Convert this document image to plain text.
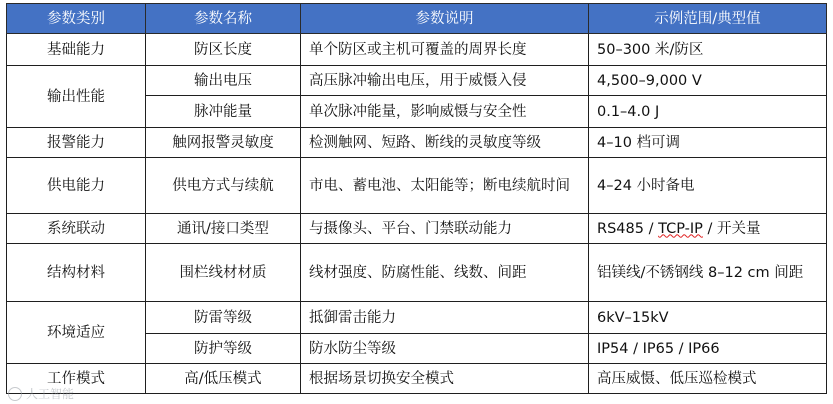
参数类别	参数名称	参数说明	示例范围/典型值
基础能力	防区长度	单个防区或主机可覆盖的周界长度	50–300 米/防区
输出性能	输出电压	高压脉冲输出电压，用于威慑入侵	4,500–9,000 V
	脉冲能量	单次脉冲能量，影响威慑与安全性	0.1–4.0 J
报警能力	触网报警灵敏度	检测触网、短路、断线的灵敏度等级	4–10 档可调
供电能力	供电方式与续航	市电、蓄电池、太阳能等；断电续航时间	4–24 小时备电
系统联动	通讯/接口类型	与摄像头、平台、门禁联动能力	RS485 / TCP-IP / 开关量
结构材料	围栏线材材质	线材强度、防腐性能、线数、间距	铝镁线/不锈钢线 8–12 cm 间距
环境适应	防雷等级	抵御雷击能力	6kV–15kV
	防护等级	防水防尘等级	IP54 / IP65 / IP66
工作模式	高/低压模式	根据场景切换安全模式	高压威慑、低压巡检模式
人工智能
